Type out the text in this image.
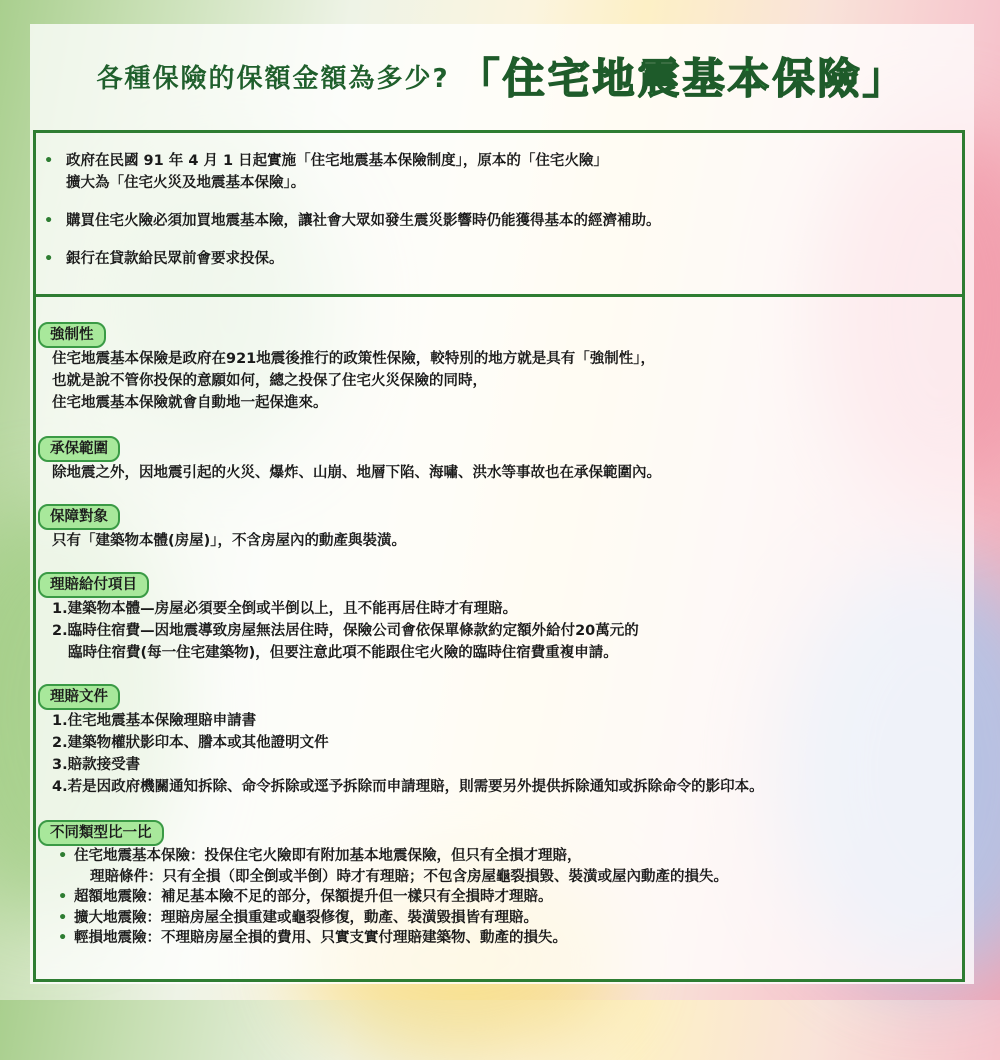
各種保險的保額金額為多少? 「住宅地震基本保險」
• 政府在民國 91 年 4 月 1 日起實施「住宅地震基本保險制度」，原本的「住宅火險」
擴大為「住宅火災及地震基本保險」。
• 購買住宅火險必須加買地震基本險，讓社會大眾如發生震災影響時仍能獲得基本的經濟補助。
• 銀行在貸款給民眾前會要求投保。
強制性
住宅地震基本保險是政府在921地震後推行的政策性保險，較特別的地方就是具有「強制性」，
也就是說不管你投保的意願如何，總之投保了住宅火災保險的同時，
住宅地震基本保險就會自動地一起保進來。
承保範圍
除地震之外，因地震引起的火災、爆炸、山崩、地層下陷、海嘯、洪水等事故也在承保範圍內。
保障對象
只有「建築物本體(房屋)」，不含房屋內的動產與裝潢。
理賠給付項目
1.建築物本體—房屋必須要全倒或半倒以上，且不能再居住時才有理賠。
2.臨時住宿費—因地震導致房屋無法居住時，保險公司會依保單條款約定額外給付20萬元的
臨時住宿費(每一住宅建築物)，但要注意此項不能跟住宅火險的臨時住宿費重複申請。
理賠文件
1.住宅地震基本保險理賠申請書
2.建築物權狀影印本、謄本或其他證明文件
3.賠款接受書
4.若是因政府機關通知拆除、命令拆除或逕予拆除而申請理賠，則需要另外提供拆除通知或拆除命令的影印本。
不同類型比一比
• 住宅地震基本保險：投保住宅火險即有附加基本地震保險，但只有全損才理賠，
理賠條件：只有全損（即全倒或半倒）時才有理賠；不包含房屋龜裂損毀、裝潢或屋內動產的損失。
• 超額地震險：補足基本險不足的部分，保額提升但一樣只有全損時才理賠。
• 擴大地震險：理賠房屋全損重建或龜裂修復，動產、裝潢毀損皆有理賠。
• 輕損地震險：不理賠房屋全損的費用、只實支實付理賠建築物、動產的損失。
